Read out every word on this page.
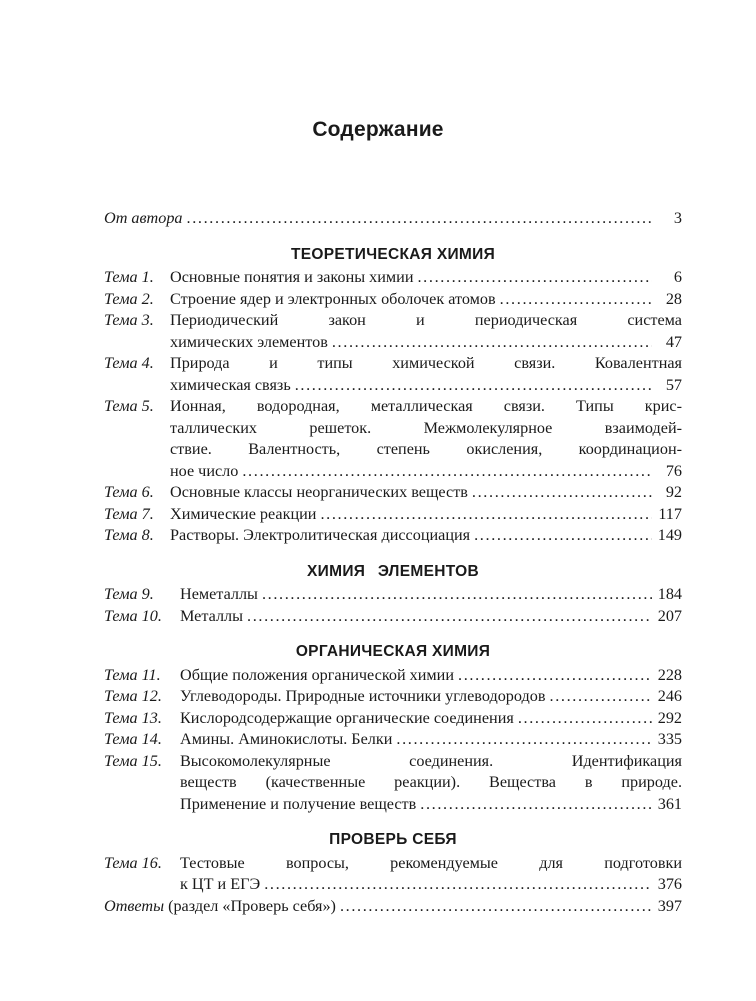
Содержание
От автора . . .	3
ТЕОРЕТИЧЕСКАЯ ХИМИЯ
Тема 1. Основные понятия и законы химии . . .	6
Тема 2. Строение ядер и электронных оболочек атомов . . .	28
Тема 3. Периодический закон и периодическая система
химических элементов . . .	47
Тема 4. Природа и типы химической связи. Ковалентная
химическая связь . . .	57
Тема 5. Ионная, водородная, металлическая связи. Типы крис-
таллических решеток. Межмолекулярное взаимодей-
ствие. Валентность, степень окисления, координацион-
ное число . . .	76
Тема 6. Основные классы неорганических веществ . . .	92
Тема 7. Химические реакции . . .	117
Тема 8. Растворы. Электролитическая диссоциация . . .	149
ХИМИЯ ЭЛЕМЕНТОВ
Тема 9.	Неметаллы . . .	184
Тема 10.	Металлы . . .	207
ОРГАНИЧЕСКАЯ ХИМИЯ
Тема 11.	Общие положения органической химии . . .	228
Тема 12.	Углеводороды. Природные источники углеводородов . . .	246
Тема 13.	Кислородсодержащие органические соединения . . .	292
Тема 14.	Амины. Аминокислоты. Белки . . .	335
Тема 15.	Высокомолекулярные соединения. Идентификация
веществ (качественные реакции). Вещества в природе.
Применение и получение веществ . . .	361
ПРОВЕРЬ СЕБЯ
Тема 16.	Тестовые вопросы, рекомендуемые для подготовки
к ЦТ и ЕГЭ . . .	376
Ответы (раздел «Проверь себя») . . .	397
